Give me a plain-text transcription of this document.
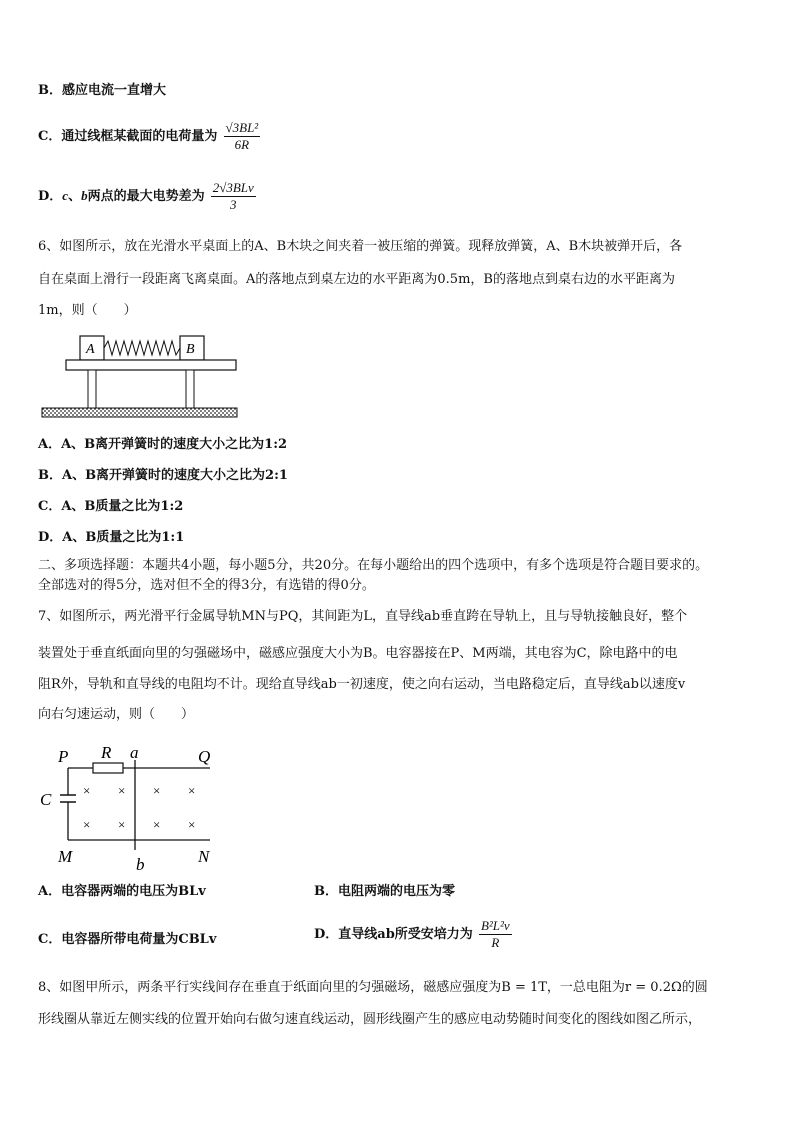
B．感应电流一直增大
C．通过线框某截面的电荷量为 $\frac{\text{√3BL²}}{6R}$
D．c、b两点的最大电势差为 $\frac{\text{2√3BLv}}{3}$
6、如图所示，放在光滑水平桌面上的A、B木块之间夹着一被压缩的弹簧。现释放弹簧，A、B木块被弹开后，各
自在桌面上滑行一段距离飞离桌面。A的落地点到桌左边的水平距离为0.5m，B的落地点到桌右边的水平距离为
1m，则（　　）
A	B
A．A、B离开弹簧时的速度大小之比为1:2
B．A、B离开弹簧时的速度大小之比为2:1
C．A、B质量之比为1:2
D．A、B质量之比为1:1
二、多项选择题：本题共4小题，每小题5分，共20分。在每小题给出的四个选项中，有多个选项是符合题目要求的。
全部选对的得5分，选对但不全的得3分，有选错的得0分。
7、如图所示，两光滑平行金属导轨MN与PQ，其间距为L，直导线ab垂直跨在导轨上，且与导轨接触良好，整个
装置处于垂直纸面向里的匀强磁场中，磁感应强度大小为B。电容器接在P、M两端，其电容为C，除电路中的电
阻R外，导轨和直导线的电阻均不计。现给直导线ab一初速度，使之向右运动，当电路稳定后，直导线ab以速度v
向右匀速运动，则（　　）
P R a	Q
C
M	b	N
× × × ×
× × × ×
A．电容器两端的电压为BLv	B．电阻两端的电压为零
C．电容器所带电荷量为CBLv	D．直导线ab所受安培力为 $\frac{\text{B²L²v}}{R}$
8、如图甲所示，两条平行实线间存在垂直于纸面向里的匀强磁场，磁感应强度为B = 1T，一总电阻为r = 0.2Ω的圆
形线圈从靠近左侧实线的位置开始向右做匀速直线运动，圆形线圈产生的感应电动势随时间变化的图线如图乙所示，
